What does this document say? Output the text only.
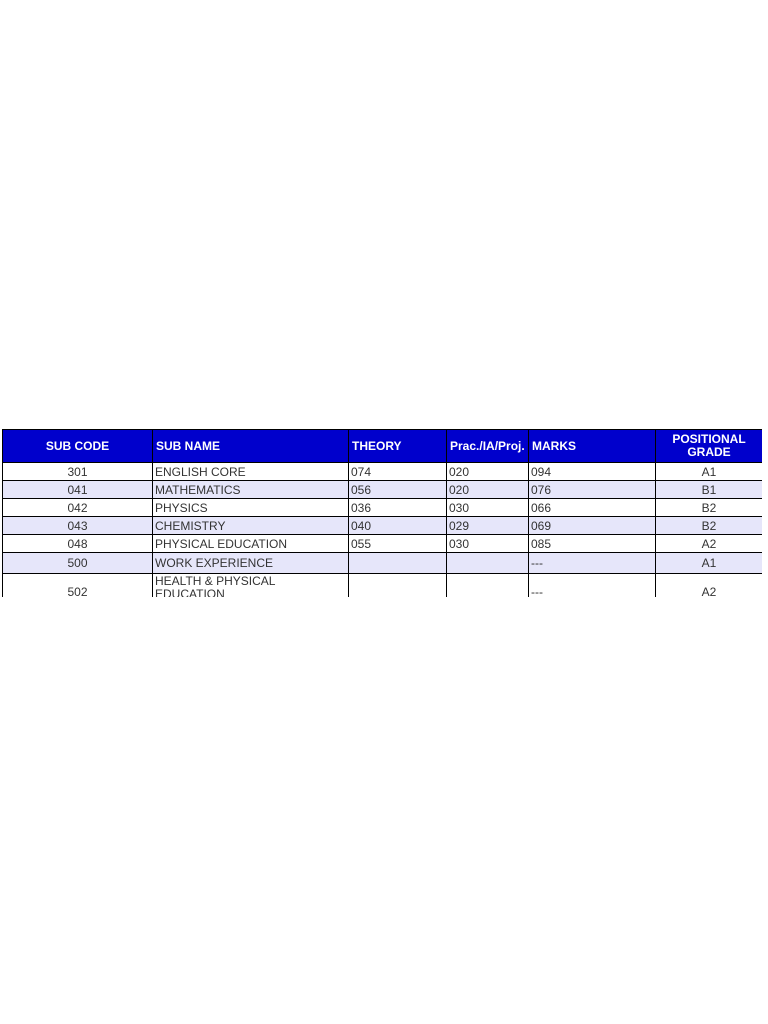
SUB CODE	SUB NAME	THEORY	Prac./IA/Proj.	MARKS	POSITIONAL GRADE
301	ENGLISH CORE	074	020	094	A1
041	MATHEMATICS	056	020	076	B1
042	PHYSICS	036	030	066	B2
043	CHEMISTRY	040	029	069	B2
048	PHYSICAL EDUCATION	055	030	085	A2
500	WORK EXPERIENCE			---	A1
502	HEALTH & PHYSICAL EDUCATION			---	A2
